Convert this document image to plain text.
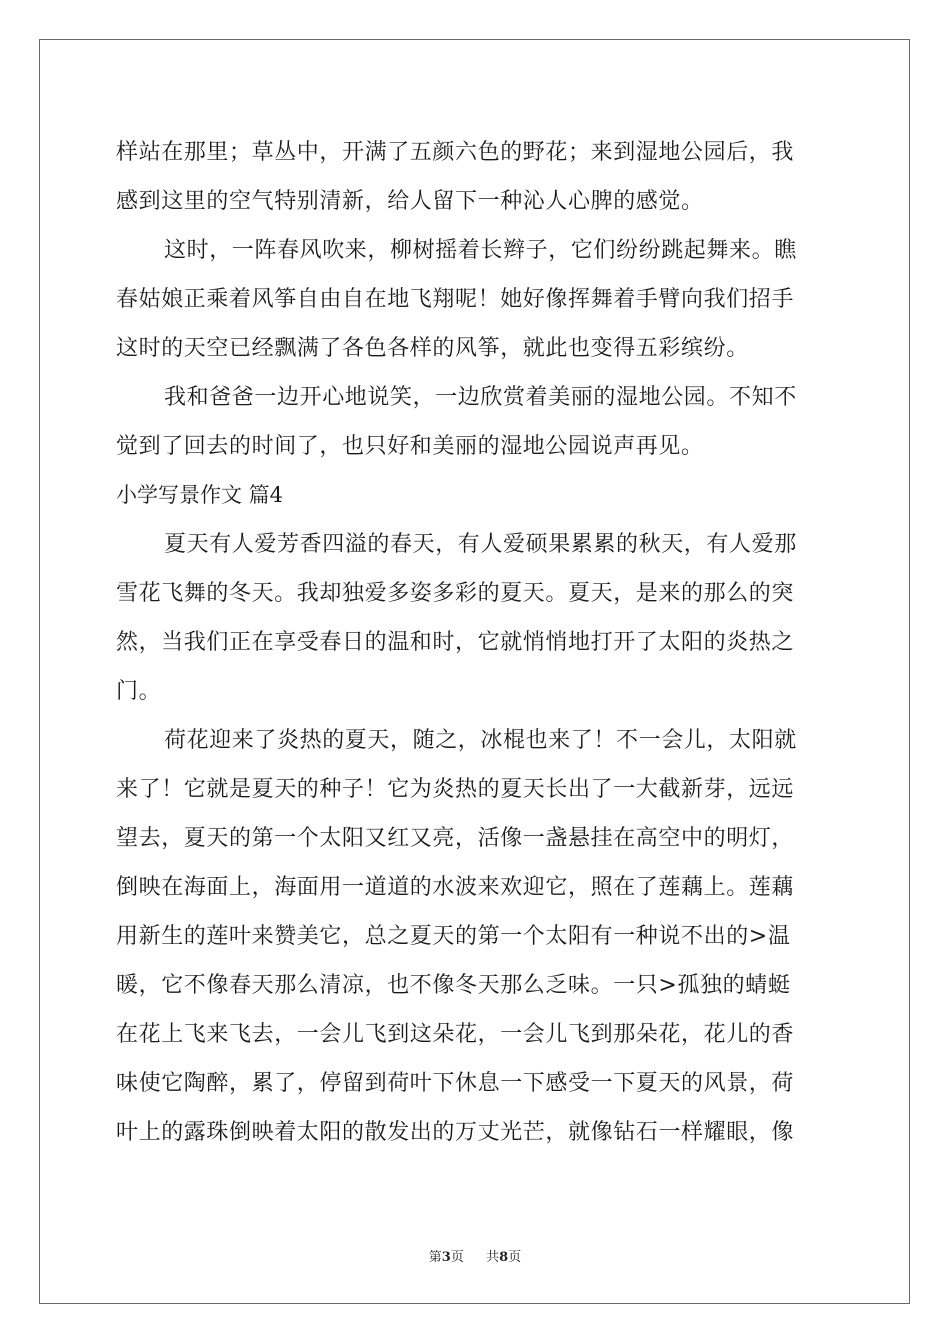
样站在那里；草丛中，开满了五颜六色的野花；来到湿地公园后，我
感到这里的空气特别清新，给人留下一种沁人心脾的感觉。
这时，一阵春风吹来，柳树摇着长辫子，它们纷纷跳起舞来。瞧
春姑娘正乘着风筝自由自在地飞翔呢！她好像挥舞着手臂向我们招手
这时的天空已经飘满了各色各样的风筝，就此也变得五彩缤纷。
我和爸爸一边开心地说笑，一边欣赏着美丽的湿地公园。不知不
觉到了回去的时间了，也只好和美丽的湿地公园说声再见。
小学写景作文 篇4
夏天有人爱芳香四溢的春天，有人爱硕果累累的秋天，有人爱那
雪花飞舞的冬天。我却独爱多姿多彩的夏天。夏天，是来的那么的突
然，当我们正在享受春日的温和时，它就悄悄地打开了太阳的炎热之
门。
荷花迎来了炎热的夏天，随之，冰棍也来了！不一会儿，太阳就
来了！它就是夏天的种子！它为炎热的夏天长出了一大截新芽，远远
望去，夏天的第一个太阳又红又亮，活像一盏悬挂在高空中的明灯，
倒映在海面上，海面用一道道的水波来欢迎它，照在了莲藕上。莲藕
用新生的莲叶来赞美它，总之夏天的第一个太阳有一种说不出的>温
暖，它不像春天那么清凉，也不像冬天那么乏味。一只>孤独的蜻蜓
在花上飞来飞去，一会儿飞到这朵花，一会儿飞到那朵花，花儿的香
味使它陶醉，累了，停留到荷叶下休息一下感受一下夏天的风景，荷
叶上的露珠倒映着太阳的散发出的万丈光芒，就像钻石一样耀眼，像
第3页 共8页
